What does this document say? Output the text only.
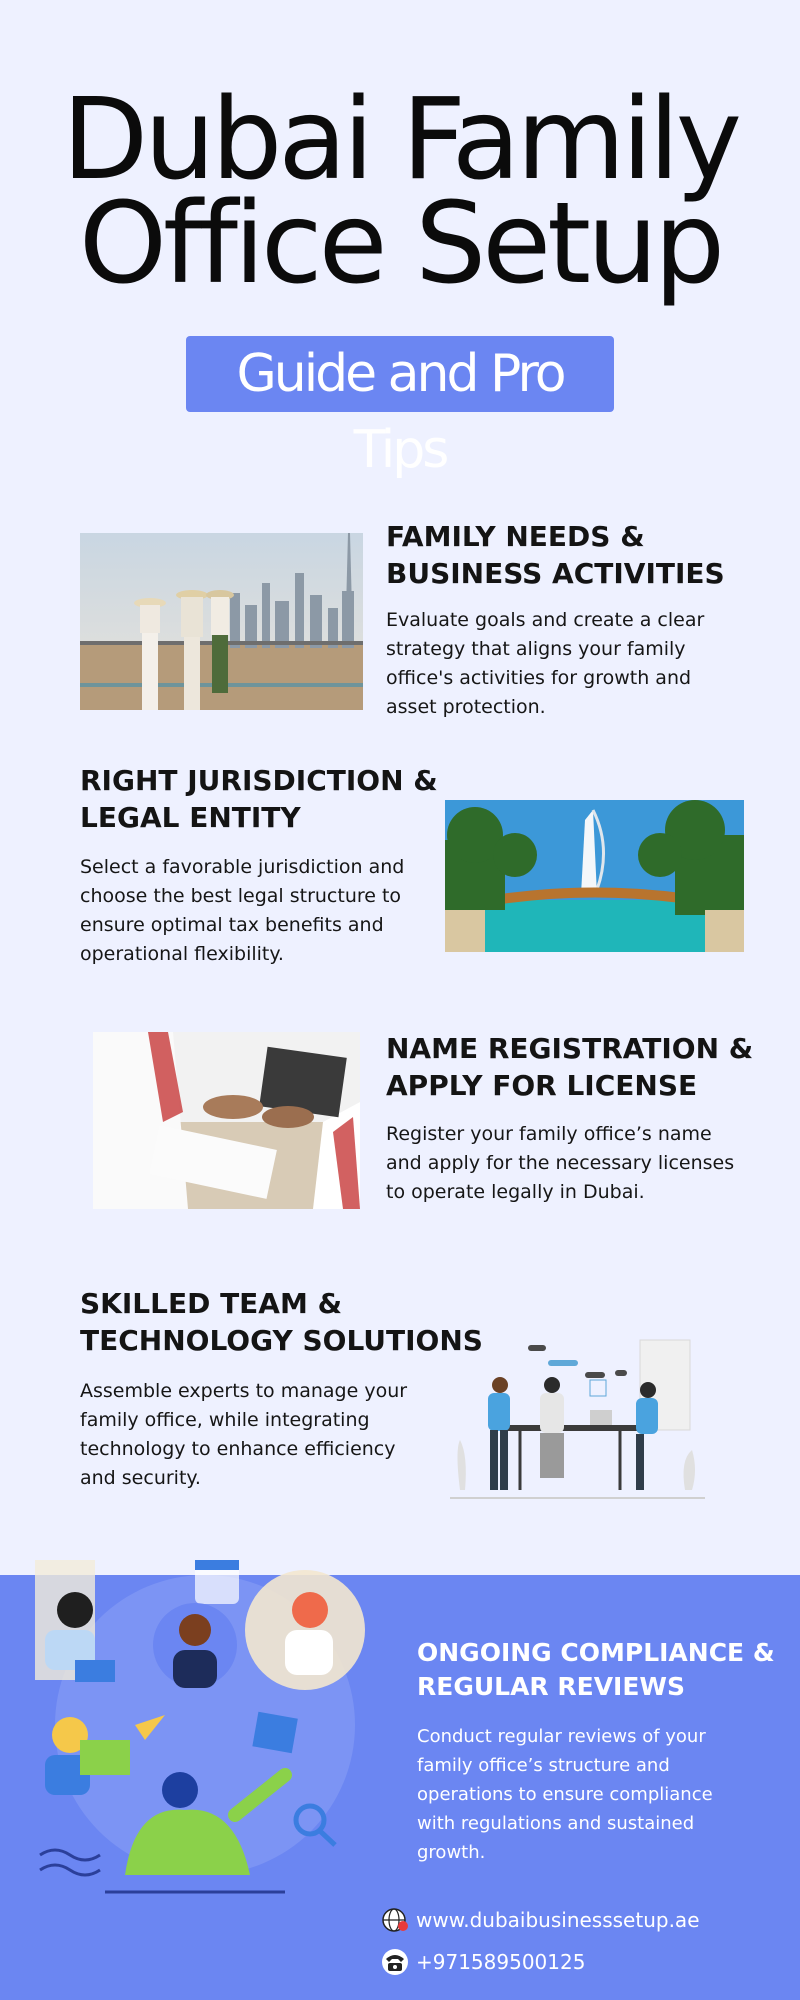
Dubai Family
Office Setup
Guide and Pro Tips
FAMILY NEEDS &
BUSINESS ACTIVITIES

Evaluate goals and create a clear strategy that aligns your family office's activities for growth and asset protection.

RIGHT JURISDICTION &
LEGAL ENTITY

Select a favorable jurisdiction and choose the best legal structure to ensure optimal tax benefits and operational flexibility.

NAME REGISTRATION &
APPLY FOR LICENSE

Register your family office’s name and apply for the necessary licenses to operate legally in Dubai.

SKILLED TEAM &
TECHNOLOGY SOLUTIONS

Assemble experts to manage your family office, while integrating technology to enhance efficiency and security.

ONGOING COMPLIANCE &
REGULAR REVIEWS

Conduct regular reviews of your family office’s structure and operations to ensure compliance with regulations and sustained growth.

www.dubaibusinesssetup.ae
+971589500125
